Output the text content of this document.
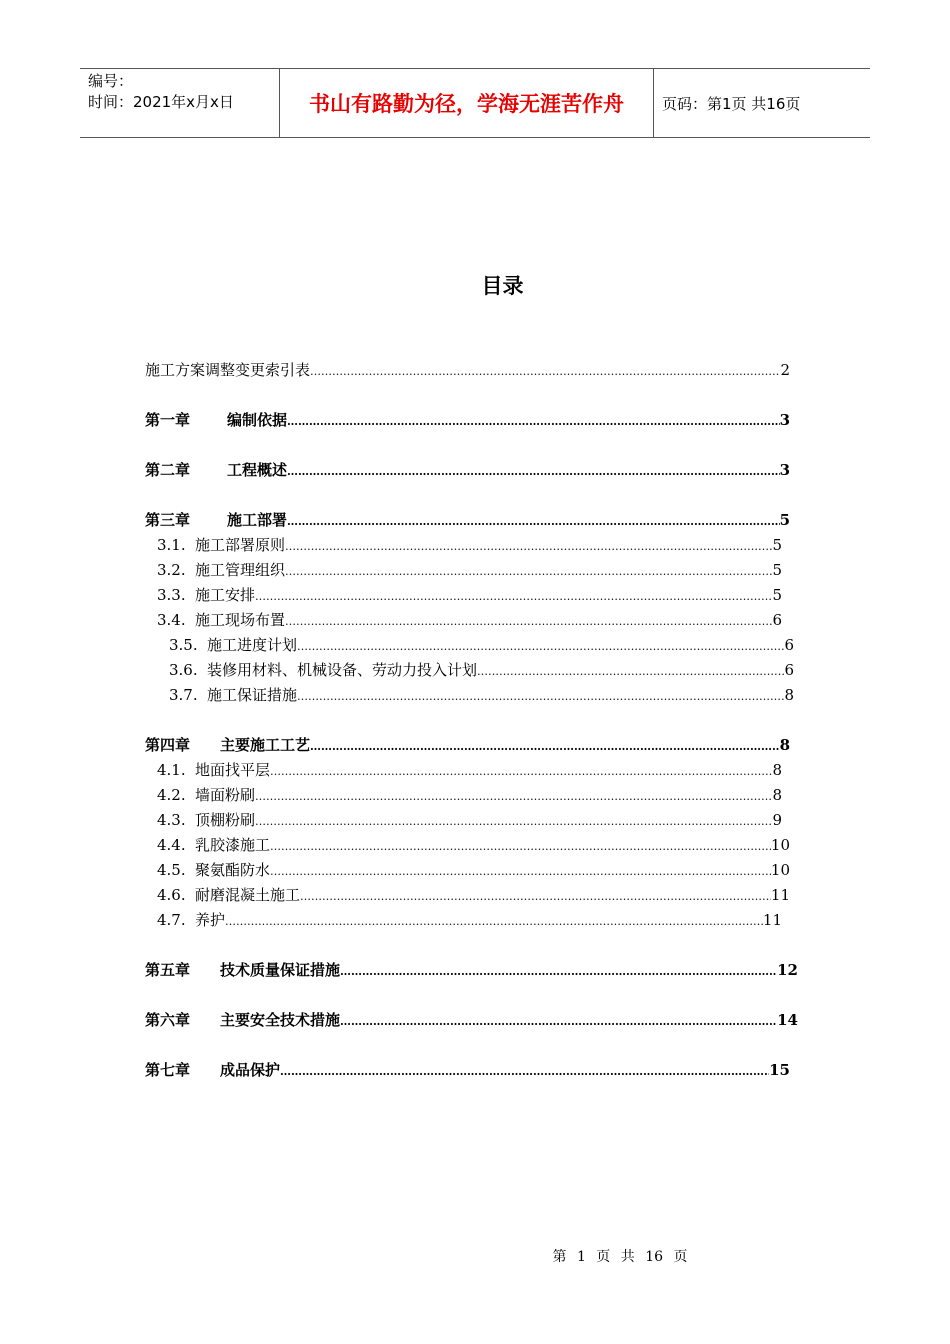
编号：
时间：2021年x月x日	书山有路勤为径，学海无涯苦作舟	页码：第1页 共16页
目录
施工方案调整变更索引表 …………………………………………………………………………………………………………………………………………………………………………………………………………………………………………	2
第一章	编制依据 …………………………………………………………………………………………………………………………………………………………………………………………………………………………………………	3
第二章	工程概述 …………………………………………………………………………………………………………………………………………………………………………………………………………………………………………	3
第三章	施工部署 …………………………………………………………………………………………………………………………………………………………………………………………………………………………………………	5
3.1. 施工部署原则 …………………………………………………………………………………………………………………………………………………………………………………………………………………………………………	5
3.2. 施工管理组织 …………………………………………………………………………………………………………………………………………………………………………………………………………………………………………	5
3.3. 施工安排 …………………………………………………………………………………………………………………………………………………………………………………………………………………………………………	5
3.4. 施工现场布置 …………………………………………………………………………………………………………………………………………………………………………………………………………………………………………	6
3.5. 施工进度计划 …………………………………………………………………………………………………………………………………………………………………………………………………………………………………………	6
3.6. 装修用材料、机械设备、劳动力投入计划 …………………………………………………………………………………………………………………………………………………………………………………………………………………………………………	6
3.7. 施工保证措施 …………………………………………………………………………………………………………………………………………………………………………………………………………………………………………	8
第四章	主要施工工艺 …………………………………………………………………………………………………………………………………………………………………………………………………………………………………………	8
4.1. 地面找平层 …………………………………………………………………………………………………………………………………………………………………………………………………………………………………………	8
4.2. 墙面粉刷 …………………………………………………………………………………………………………………………………………………………………………………………………………………………………………	8
4.3. 顶棚粉刷 …………………………………………………………………………………………………………………………………………………………………………………………………………………………………………	9
4.4. 乳胶漆施工 …………………………………………………………………………………………………………………………………………………………………………………………………………………………………………	10
4.5. 聚氨酯防水 …………………………………………………………………………………………………………………………………………………………………………………………………………………………………………	10
4.6. 耐磨混凝土施工 …………………………………………………………………………………………………………………………………………………………………………………………………………………………………………	11
4.7. 养护 …………………………………………………………………………………………………………………………………………………………………………………………………………………………………………	11
第五章	技术质量保证措施 …………………………………………………………………………………………………………………………………………………………………………………………………………………………………………	12
第六章	主要安全技术措施 …………………………………………………………………………………………………………………………………………………………………………………………………………………………………………	14
第七章	成品保护 …………………………………………………………………………………………………………………………………………………………………………………………………………………………………………	15
第 1 页 共 16 页
